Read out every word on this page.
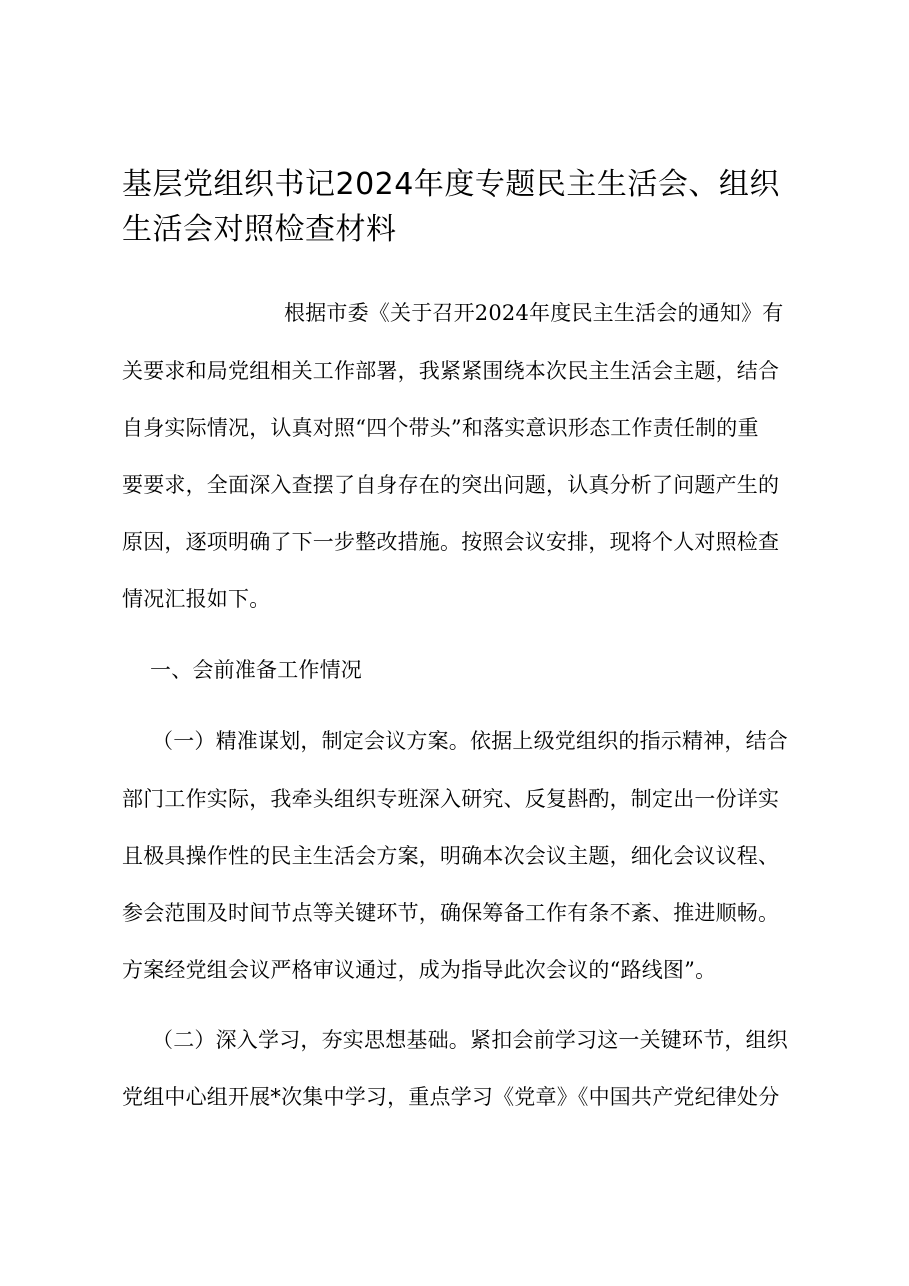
基层党组织书记2024年度专题民主生活会、组织
生活会对照检查材料
根据市委《关于召开2024年度民主生活会的通知》有
关要求和局党组相关工作部署，我紧紧围绕本次民主生活会主题，结合
自身实际情况，认真对照“四个带头”和落实意识形态工作责任制的重
要要求，全面深入查摆了自身存在的突出问题，认真分析了问题产生的
原因，逐项明确了下一步整改措施。按照会议安排，现将个人对照检查
情况汇报如下。
一、会前准备工作情况
（一）精准谋划，制定会议方案。依据上级党组织的指示精神，结合
部门工作实际，我牵头组织专班深入研究、反复斟酌，制定出一份详实
且极具操作性的民主生活会方案，明确本次会议主题，细化会议议程、
参会范围及时间节点等关键环节，确保筹备工作有条不紊、推进顺畅。
方案经党组会议严格审议通过，成为指导此次会议的“路线图”。
（二）深入学习，夯实思想基础。紧扣会前学习这一关键环节，组织
党组中心组开展*次集中学习，重点学习《党章》《中国共产党纪律处分
